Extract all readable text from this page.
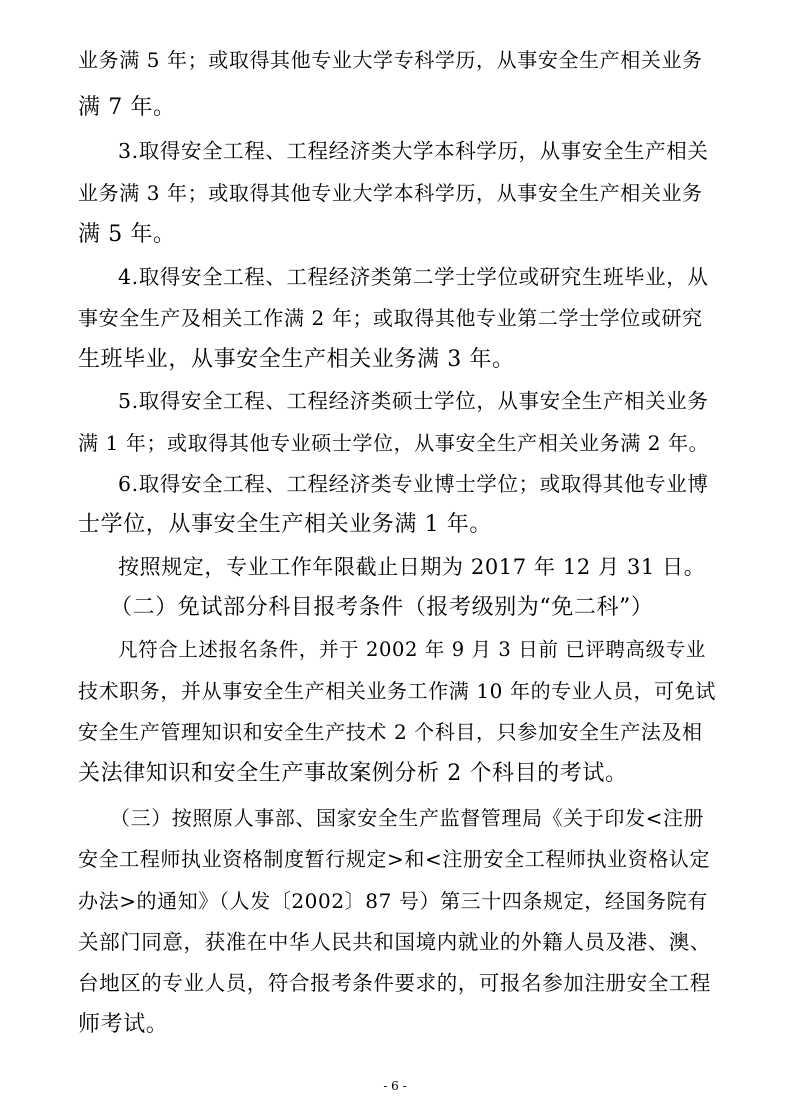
业务满 5 年；或取得其他专业大学专科学历，从事安全生产相关业务
满 7 年。
3.取得安全工程、工程经济类大学本科学历，从事安全生产相关
业务满 3 年；或取得其他专业大学本科学历，从事安全生产相关业务
满 5 年。
4.取得安全工程、工程经济类第二学士学位或研究生班毕业，从
事安全生产及相关工作满 2 年；或取得其他专业第二学士学位或研究
生班毕业，从事安全生产相关业务满 3 年。
5.取得安全工程、工程经济类硕士学位，从事安全生产相关业务
满 1 年；或取得其他专业硕士学位，从事安全生产相关业务满 2 年。
6.取得安全工程、工程经济类专业博士学位；或取得其他专业博
士学位，从事安全生产相关业务满 1 年。
按照规定，专业工作年限截止日期为 2017 年 12 月 31 日。
（二）免试部分科目报考条件（报考级别为“免二科”）
凡符合上述报名条件，并于 2002 年 9 月 3 日前 已评聘高级专业
技术职务，并从事安全生产相关业务工作满 10 年的专业人员，可免试
安全生产管理知识和安全生产技术 2 个科目，只参加安全生产法及相
关法律知识和安全生产事故案例分析 2 个科目的考试。
（三）按照原人事部、国家安全生产监督管理局《关于印发<注册
安全工程师执业资格制度暂行规定>和<注册安全工程师执业资格认定
办法>的通知》（人发〔2002〕87 号）第三十四条规定，经国务院有
关部门同意，获准在中华人民共和国境内就业的外籍人员及港、澳、
台地区的专业人员，符合报考条件要求的，可报名参加注册安全工程
师考试。
- 6 -
